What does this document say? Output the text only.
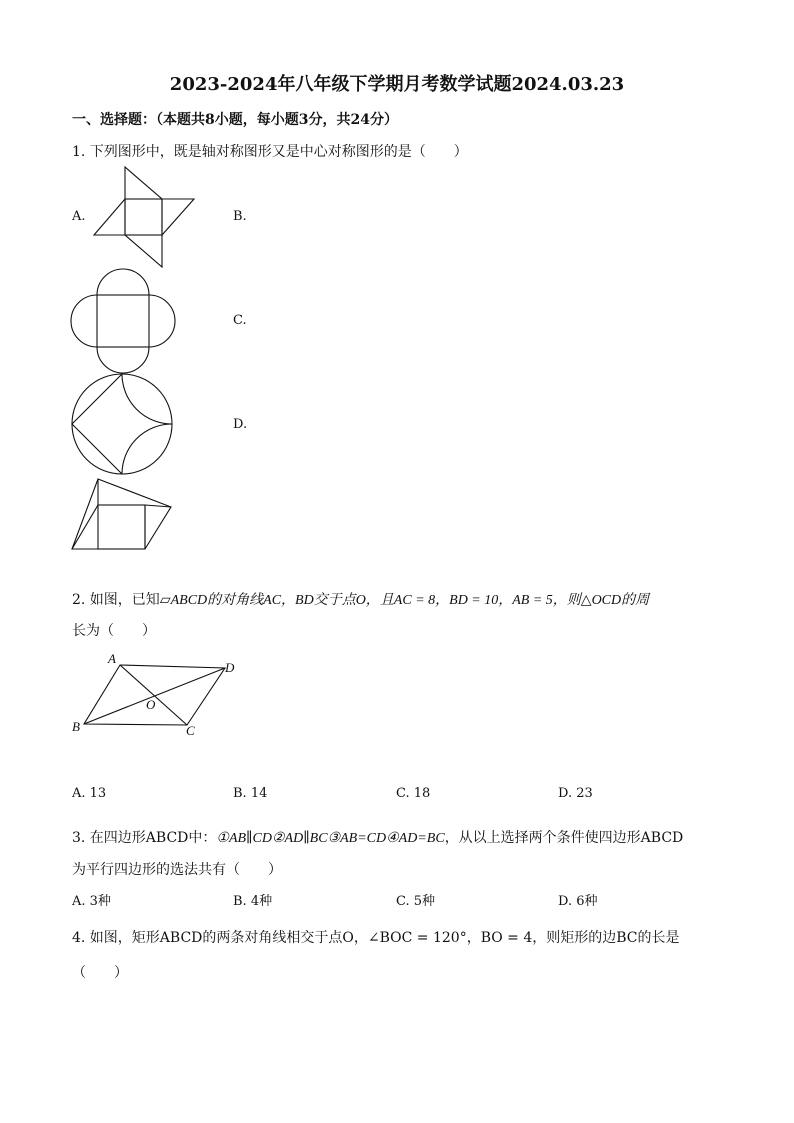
2023-2024年八年级下学期月考数学试题2024.03.23
一、选择题：（本题共8小题，每小题3分，共24分）
1. 下列图形中，既是轴对称图形又是中心对称图形的是（　　）
A.	B.
C.
D.
2. 如图，已知▱ABCD的对角线AC，BD交于点O，且AC = 8，BD = 10，AB = 5，则△OCD的周
长为（　　）
A
D
O
B	C
A. 13	B. 14	C. 18	D. 23
3. 在四边形ABCD中：①AB∥CD②AD∥BC③AB=CD④AD=BC，从以上选择两个条件使四边形ABCD
为平行四边形的选法共有（　　）
A. 3种	B. 4种	C. 5种	D. 6种
4. 如图，矩形ABCD的两条对角线相交于点O，∠BOC = 120°，BO = 4，则矩形的边BC的长是
（　　）
